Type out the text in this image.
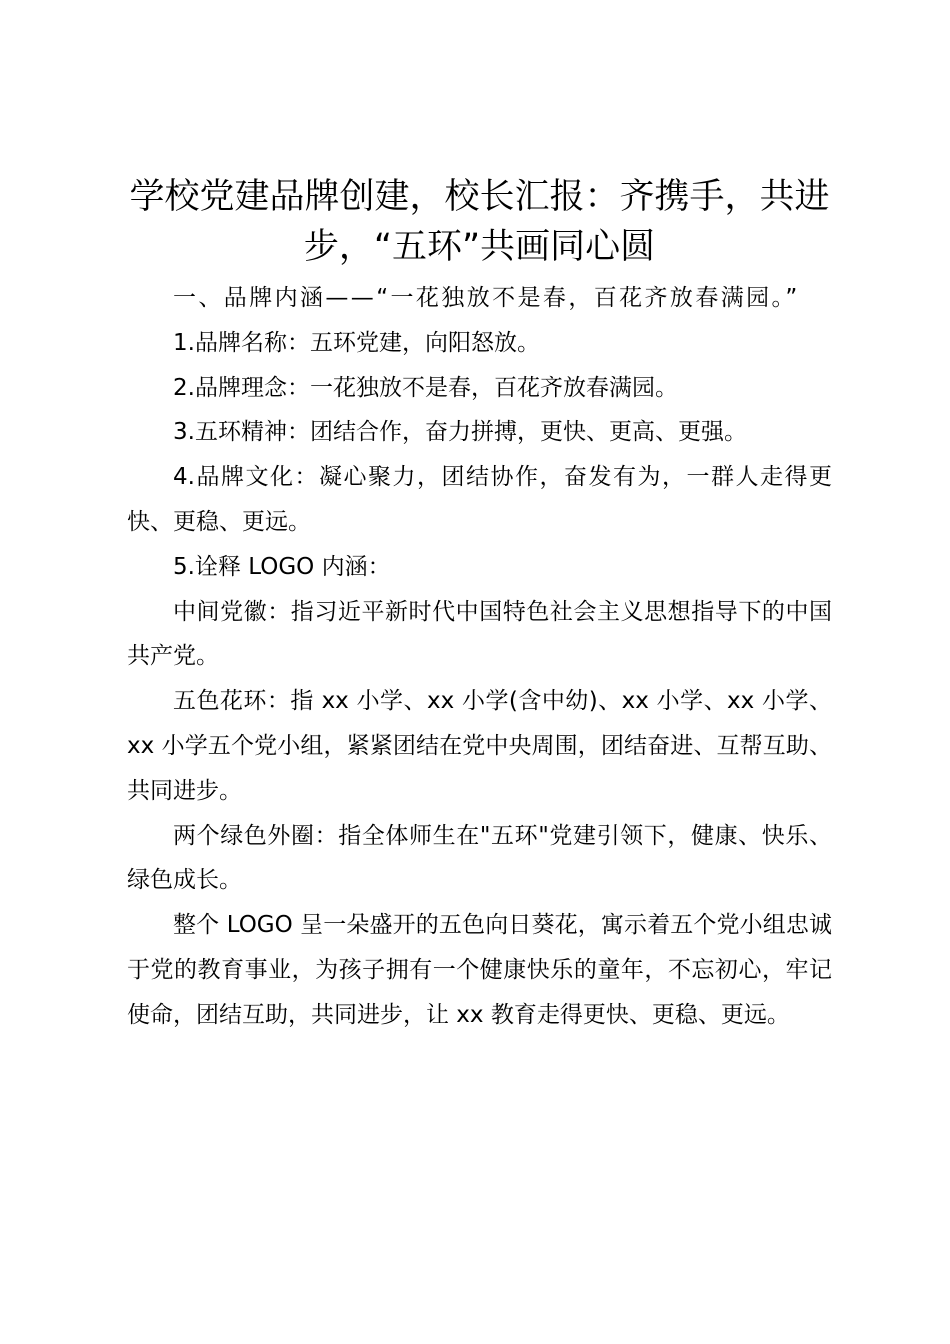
学校党建品牌创建，校长汇报：齐携手，共进步，“五环”共画同心圆

一、品牌内涵——“一花独放不是春，百花齐放春满园。”

1.品牌名称：五环党建，向阳怒放。

2.品牌理念：一花独放不是春，百花齐放春满园。

3.五环精神：团结合作，奋力拼搏，更快、更高、更强。

4.品牌文化：凝心聚力，团结协作，奋发有为，一群人走得更快、更稳、更远。

5.诠释 LOGO 内涵：

中间党徽：指习近平新时代中国特色社会主义思想指导下的中国共产党。

五色花环：指 xx 小学、xx 小学(含中幼)、xx 小学、xx 小学、xx 小学五个党小组，紧紧团结在党中央周围，团结奋进、互帮互助、共同进步。

两个绿色外圈：指全体师生在"五环"党建引领下，健康、快乐、绿色成长。

整个 LOGO 呈一朵盛开的五色向日葵花，寓示着五个党小组忠诚于党的教育事业，为孩子拥有一个健康快乐的童年，不忘初心，牢记使命，团结互助，共同进步，让 xx 教育走得更快、更稳、更远。
